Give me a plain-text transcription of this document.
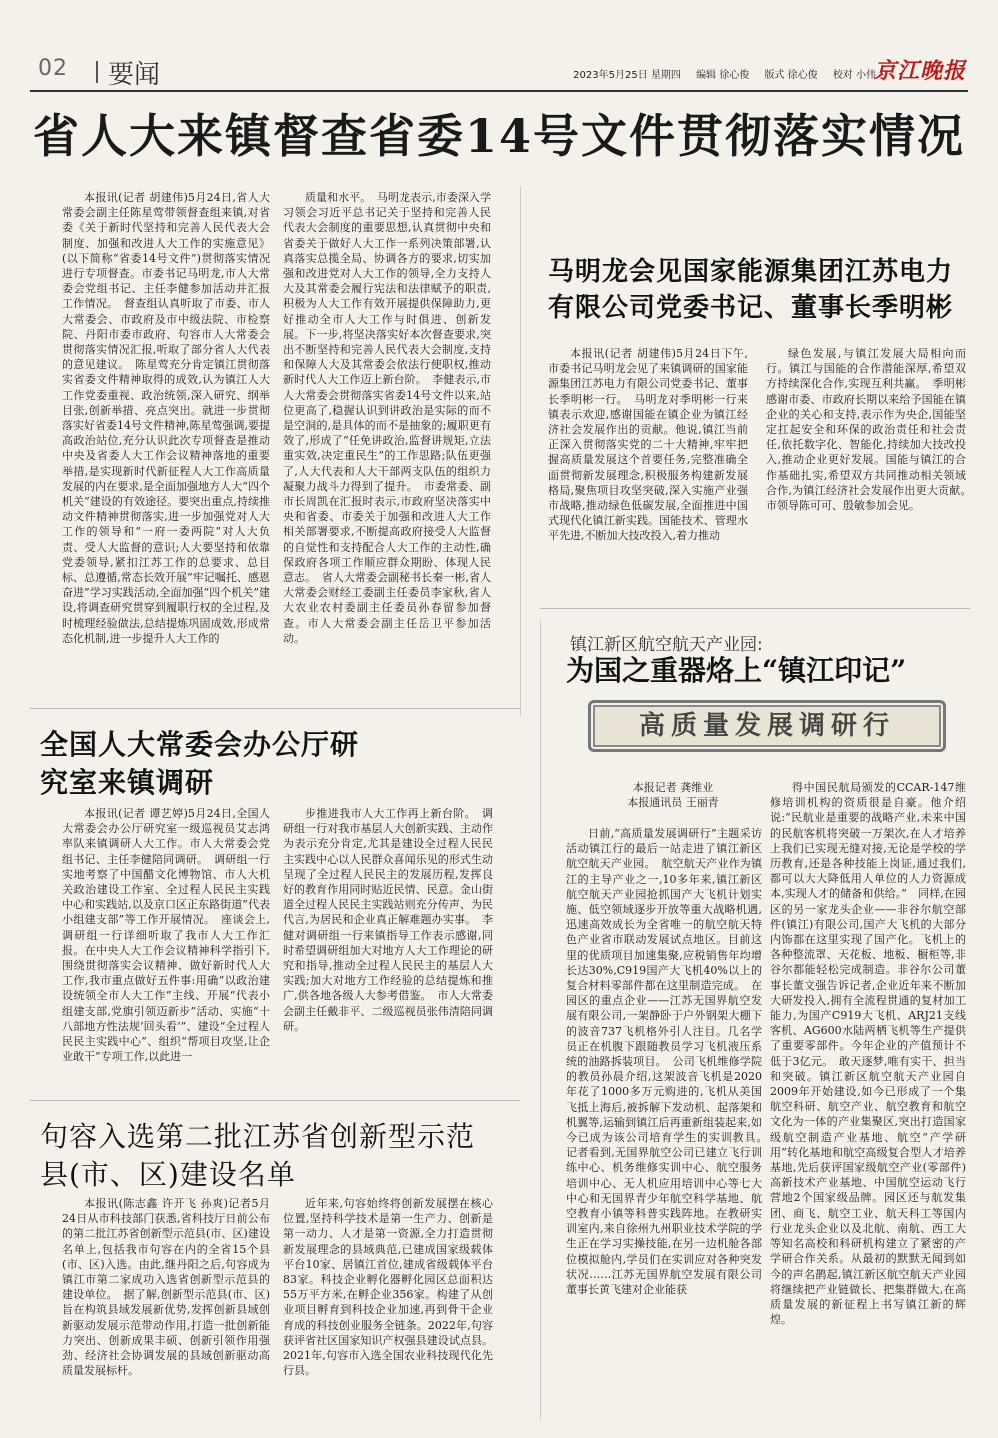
02 要闻	2023年5月25日 星期四 编辑 徐心俊 版式 徐心俊 校对 小伟
京江晚报
省人大来镇督查省委14号文件贯彻落实情况

本报讯(记者 胡建伟)5月24日,省人大常委会副主任陈星莺带领督查组来镇,对省委《关于新时代坚持和完善人民代表大会制度、加强和改进人大工作的实施意见》(以下简称“省委14号文件”)贯彻落实情况进行专项督查。市委书记马明龙,市人大常委会党组书记、主任李健参加活动并汇报工作情况。　督查组认真听取了市委、市人大常委会、市政府及市中级法院、市检察院、丹阳市委市政府、句容市人大常委会贯彻落实情况汇报,听取了部分省人大代表的意见建议。　陈星莺充分肯定镇江贯彻落实省委文件精神取得的成效,认为镇江人大工作党委重视、政治统领,深入研究、纲举目张,创新举措、亮点突出。就进一步贯彻落实好省委14号文件精神,陈星莺强调,要提高政治站位,充分认识此次专项督查是推动中央及省委人大工作会议精神落地的重要举措,是实现新时代新征程人大工作高质量发展的内在要求,是全面加强地方人大“四个机关”建设的有效途径。要突出重点,持续推动文件精神贯彻落实,进一步加强党对人大工作的领导和“一府一委两院”对人大负责、受人大监督的意识;人大要坚持和依靠党委领导,紧扣江苏工作的总要求、总目标、总遵循,常态长效开展“牢记嘱托、感恩奋进”学习实践活动,全面加强“四个机关”建设,将调查研究贯穿到履职行权的全过程,及时梳理经验做法,总结提炼巩固成效,形成常态化机制,进一步提升人大工作的

质量和水平。　马明龙表示,市委深入学习领会习近平总书记关于坚持和完善人民代表大会制度的重要思想,认真贯彻中央和省委关于做好人大工作一系列决策部署,认真落实总揽全局、协调各方的要求,切实加强和改进党对人大工作的领导,全力支持人大及其常委会履行宪法和法律赋予的职责,积极为人大工作有效开展提供保障助力,更好推动全市人大工作与时俱进、创新发展。下一步,将坚决落实好本次督查要求,突出不断坚持和完善人民代表大会制度,支持和保障人大及其常委会依法行使职权,推动新时代人大工作迈上新台阶。　李健表示,市人大常委会贯彻落实省委14号文件以来,站位更高了,稳握认识到讲政治是实际的而不是空洞的,是具体的而不是抽象的;履职更有效了,形成了“任免讲政治,监督讲规矩,立法重实效,决定重民生”的工作思路;队伍更强了,人大代表和人大干部两支队伍的组织力凝聚力战斗力得到了提升。　市委常委、副市长周凯在汇报时表示,市政府坚决落实中央和省委、市委关于加强和改进人大工作相关部署要求,不断提高政府接受人大监督的自觉性和支持配合人大工作的主动性,确保政府各项工作顺应群众期盼、体现人民意志。　省人大常委会副秘书长秦一彬,省人大常委会财经工委副主任委员李家秋,省人大农业农村委副主任委员孙春留参加督查。市人大常委会副主任岳卫平参加活动。

马明龙会见国家能源集团江苏电力有限公司党委书记、董事长季明彬

本报讯(记者 胡建伟)5月24日下午,市委书记马明龙会见了来镇调研的国家能源集团江苏电力有限公司党委书记、董事长季明彬一行。　马明龙对季明彬一行来镇表示欢迎,感谢国能在镇企业为镇江经济社会发展作出的贡献。他说,镇江当前正深入贯彻落实党的二十大精神,牢牢把握高质量发展这个首要任务,完整准确全面贯彻新发展理念,积极服务构建新发展格局,聚焦项目攻坚突破,深入实施产业强市战略,推动绿色低碳发展,全面推进中国式现代化镇江新实践。国能技术、管理水平先进,不断加大技改投入,着力推动

绿色发展,与镇江发展大局相向而行。镇江与国能的合作潜能深厚,希望双方持续深化合作,实现互利共赢。　季明彬感谢市委、市政府长期以来给予国能在镇企业的关心和支持,表示作为央企,国能坚定扛起安全和环保的政治责任和社会责任,依托数字化、智能化,持续加大技改投入,推动企业更好发展。国能与镇江的合作基础扎实,希望双方共同推动相关领域合作,为镇江经济社会发展作出更大贡献。　市领导陈可可、殷敏参加会见。

镇江新区航空航天产业园:
为国之重器烙上“镇江印记”
高质量发展调研行
本报记者 龚维业
本报通讯员 王丽青

日前,“高质量发展调研行”主题采访活动镇江行的最后一站走进了镇江新区航空航天产业园。　航空航天产业作为镇江的主导产业之一,10多年来,镇江新区航空航天产业园抢抓国产大飞机计划实施、低空领域逐步开放等重大战略机遇,迅速高效成长为全省唯一的航空航天特色产业省市联动发展试点地区。目前这里的优质项目加速集聚,应税销售年均增长达30%,C919国产大飞机40%以上的复合材料零部件都在这里制造完成。　在园区的重点企业——江苏无国界航空发展有限公司,一架静卧于户外钢架大棚下的波音737飞机格外引人注目。几名学员正在机腹下跟随教员学习飞机液压系统的油路拆装项目。　公司飞机维修学院的教员孙晨介绍,这架波音飞机是2020年花了1000多万元购进的,飞机从美国飞抵上海后,被拆解下发动机、起落架和机翼等,运输到镇江后再重新组装起来,如今已成为该公司培育学生的实训教具。　记者看到,无国界航空公司已建立飞行训练中心、机务维修实训中心、航空服务培训中心、无人机应用培训中心等七大中心和无国界青少年航空科学基地、航空教育小镇等科普实践阵地。在教研实训室内,来自徐州九州职业技术学院的学生正在学习实操技能,在另一边机舱各部位模拟舱内,学员们在实训应对各种突发状况……江苏无国界航空发展有限公司董事长黄飞建对企业能获

得中国民航局颁发的CCAR-147维修培训机构的资质很是自豪。他介绍说:“民航业是重要的战略产业,未来中国的民航客机将突破一万架次,在人才培养上我们已实现无缝对接,无论是学校的学历教育,还是各种技能上岗证,通过我们,都可以大大降低用人单位的人力资源成本,实现人才的储备和供给。”　同样,在园区的另一家龙头企业——非谷尔航空部件(镇江)有限公司,国产大飞机的大部分内饰都在这里实现了国产化。飞机上的各种整流罩、天花板、地板、橱柜等,非谷尔都能轻松完成制造。非谷尔公司董事长董文强告诉记者,企业近年来不断加大研发投入,拥有全流程贯通的复材加工能力,为国产C919大飞机、ARJ21支线客机、AG600水陆两栖飞机等生产提供了重要零部件。今年企业的产值预计不低于3亿元。　敢天逐梦,唯有实干、担当和突破。镇江新区航空航天产业园自2009年开始建设,如今已形成了一个集航空科研、航空产业、航空教育和航空文化为一体的产业集聚区,突出打造国家级航空制造产业基地、航空“产学研用”转化基地和航空高级复合型人才培养基地,先后获评国家级航空产业(零部件)高新技术产业基地、中国航空运动飞行营地2个国家级品牌。园区还与航发集团、商飞、航空工业、航天科工等国内行业龙头企业以及北航、南航、西工大等知名高校和科研机构建立了紧密的产学研合作关系。从最初的默默无闻到如今的声名鹊起,镇江新区航空航天产业园将继续把产业链做长、把集群做大,在高质量发展的新征程上书写镇江新的辉煌。

全国人大常委会办公厅研究室来镇调研

本报讯(记者 谭艺婷)5月24日,全国人大常委会办公厅研究室一级巡视员艾志鸿率队来镇调研人大工作。市人大常委会党组书记、主任李健陪同调研。　调研组一行实地考察了中国醋文化博物馆、市人大机关政治建设工作室、全过程人民民主实践中心和实践站,以及京口区正东路街道“代表小组建支部”等工作开展情况。　座谈会上,调研组一行详细听取了我市人大工作汇报。在中央人大工作会议精神科学指引下,围绕贯彻落实会议精神、做好新时代人大工作,我市重点做好五件事:用确“以政治建设统领全市人大工作”主线、开展“代表小组建支部,党旗引领迈新步”活动、实施“十八部地方性法规‘回头看’”、建设“全过程人民民主实践中心”、组织“帮项目攻坚,让企业敢干”专项工作,以此进一

步推进我市人大工作再上新台阶。　调研组一行对我市基层人大创新实践、主动作为表示充分肯定,尤其是建设全过程人民民主实践中心以人民群众喜闻乐见的形式生动呈现了全过程人民民主的发展历程,发挥良好的教育作用同时贴近民情、民意。金山街道全过程人民民主实践站则充分传声、为民代言,为居民和企业真正解难题办实事。　李健对调研组一行来镇指导工作表示感谢,同时希望调研组加大对地方人大工作理论的研究和指导,推动全过程人民民主的基层人大实践;加大对地方工作经验的总结提炼和推广,供各地各级人大参考借鉴。　市人大常委会副主任戴非平、二级巡视员张伟清陪同调研。

句容入选第二批江苏省创新型示范县(市、区)建设名单

本报讯(陈志鑫 许开飞 孙爽)记者5月24日从市科技部门获悉,省科技厅日前公布的第二批江苏省创新型示范县(市、区)建设名单上,包括我市句容在内的全省15个县(市、区)入选。由此,继丹阳之后,句容成为镇江市第二家成功入选省创新型示范县的建设单位。　据了解,创新型示范县(市、区)旨在构筑县域发展新优势,发挥创新县域创新驱动发展示范带动作用,打造一批创新能力突出、创新成果丰硕、创新引领作用强劲、经济社会协调发展的县域创新驱动高质量发展标杆。

近年来,句容始终将创新发展摆在核心位置,坚持科学技术是第一生产力、创新是第一动力、人才是第一资源,全力打造贯彻新发展理念的县域典范,已建成国家级载体平台10家、居镇江首位,建成省级载体平台83家。科技企业孵化器孵化园区总面积达55万平方米,在孵企业356家。构建了从创业项目孵育到科技企业加速,再到骨干企业育成的科技创业服务全链条。2022年,句容获评省社区国家知识产权强县建设试点县。2021年,句容市入选全国农业科技现代化先行县。
